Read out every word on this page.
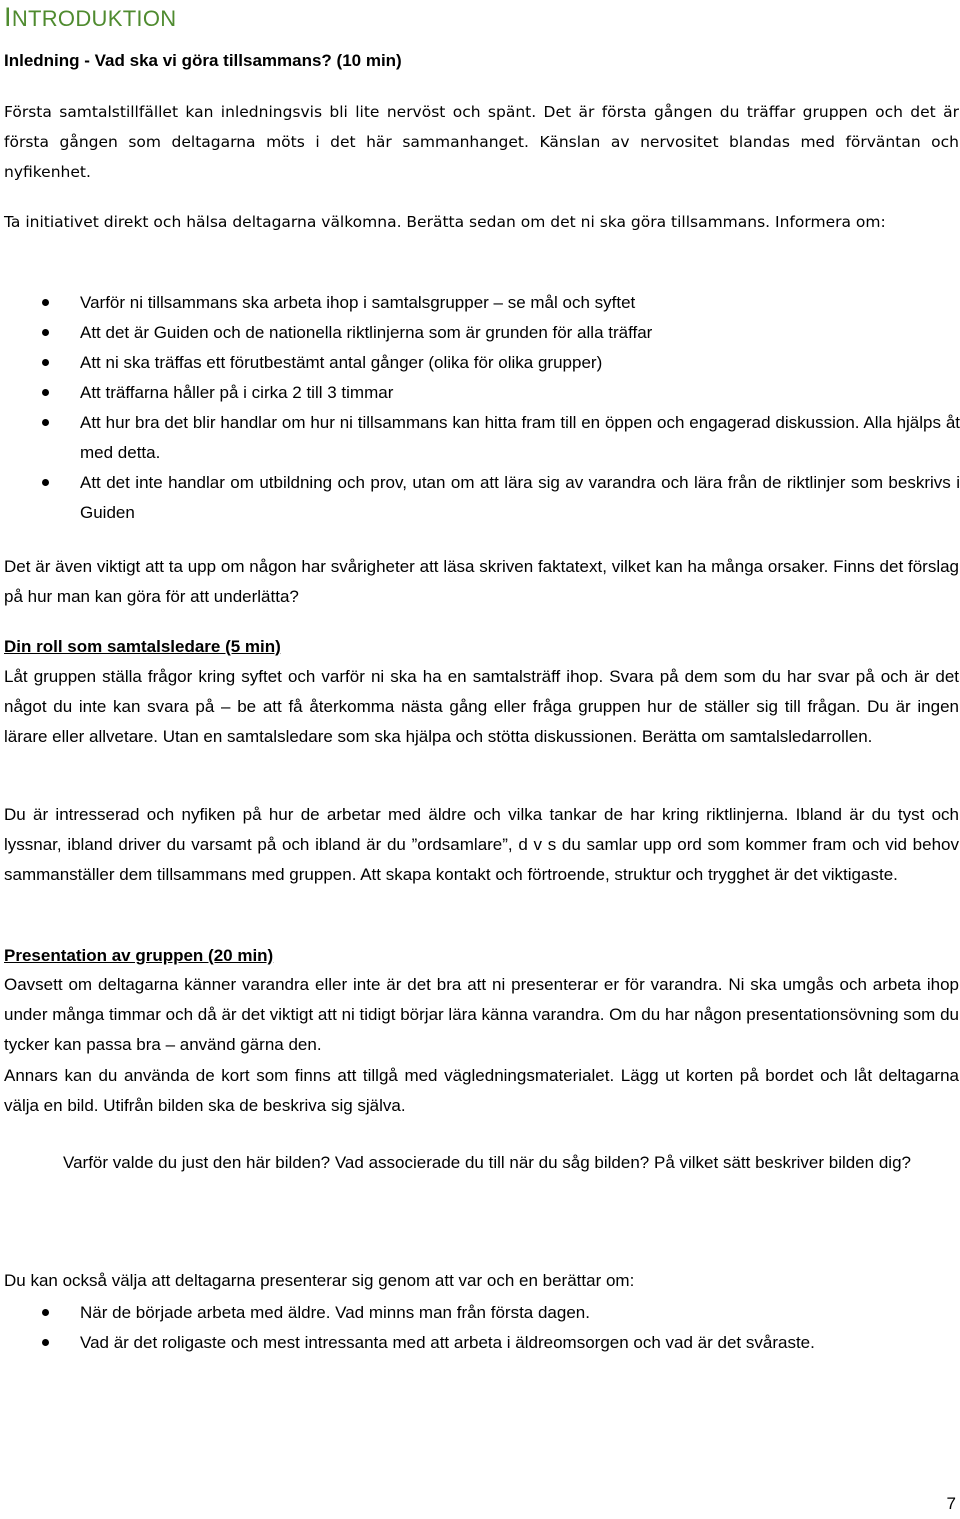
INTRODUKTION

Inledning - Vad ska vi göra tillsammans? (10 min)

Första samtalstillfället kan inledningsvis bli lite nervöst och spänt. Det är första gången du träffar gruppen och det är första gången som deltagarna möts i det här sammanhanget. Känslan av nervositet blandas med förväntan och nyfikenhet.

Ta initiativet direkt och hälsa deltagarna välkomna. Berätta sedan om det ni ska göra tillsammans. Informera om:

Varför ni tillsammans ska arbeta ihop i samtalsgrupper – se mål och syftet
Att det är Guiden och de nationella riktlinjerna som är grunden för alla träffar
Att ni ska träffas ett förutbestämt antal gånger (olika för olika grupper)
Att träffarna håller på i cirka 2 till 3 timmar
Att hur bra det blir handlar om hur ni tillsammans kan hitta fram till en öppen och engagerad diskussion. Alla hjälps åt med detta.
Att det inte handlar om utbildning och prov, utan om att lära sig av varandra och lära från de riktlinjer som beskrivs i Guiden

Det är även viktigt att ta upp om någon har svårigheter att läsa skriven faktatext, vilket kan ha många orsaker. Finns det förslag på hur man kan göra för att underlätta?

Din roll som samtalsledare (5 min)

Låt gruppen ställa frågor kring syftet och varför ni ska ha en samtalsträff ihop. Svara på dem som du har svar på och är det något du inte kan svara på – be att få återkomma nästa gång eller fråga gruppen hur de ställer sig till frågan. Du är ingen lärare eller allvetare. Utan en samtalsledare som ska hjälpa och stötta diskussionen. Berätta om samtalsledarrollen.

Du är intresserad och nyfiken på hur de arbetar med äldre och vilka tankar de har kring riktlinjerna. Ibland är du tyst och lyssnar, ibland driver du varsamt på och ibland är du ”ordsamlare”, d v s du samlar upp ord som kommer fram och vid behov sammanställer dem tillsammans med gruppen. Att skapa kontakt och förtroende, struktur och trygghet är det viktigaste.

Presentation av gruppen (20 min)

Oavsett om deltagarna känner varandra eller inte är det bra att ni presenterar er för varandra. Ni ska umgås och arbeta ihop under många timmar och då är det viktigt att ni tidigt börjar lära känna varandra. Om du har någon presentationsövning som du tycker kan passa bra – använd gärna den.

Annars kan du använda de kort som finns att tillgå med vägledningsmaterialet. Lägg ut korten på bordet och låt deltagarna välja en bild. Utifrån bilden ska de beskriva sig själva.

Varför valde du just den här bilden? Vad associerade du till när du såg bilden? På vilket sätt beskriver bilden dig?

Du kan också välja att deltagarna presenterar sig genom att var och en berättar om:

När de började arbeta med äldre. Vad minns man från första dagen.
Vad är det roligaste och mest intressanta med att arbeta i äldreomsorgen och vad är det svåraste.
7
